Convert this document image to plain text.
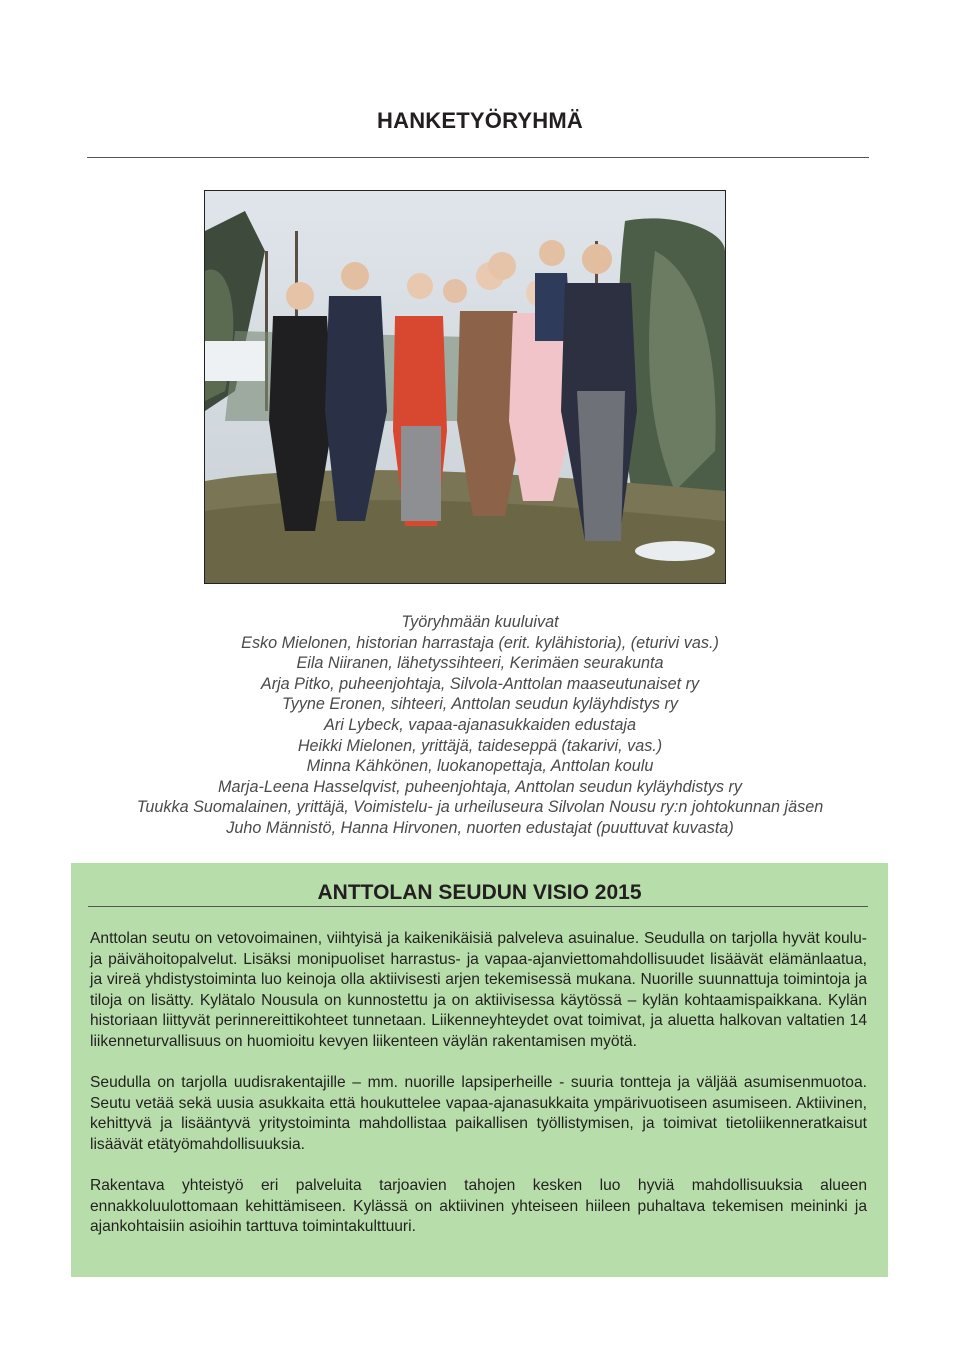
HANKETYÖRYHMÄ
Työryhmään kuuluivat
Esko Mielonen, historian harrastaja (erit. kylähistoria), (eturivi vas.)
Eila Niiranen, lähetyssihteeri, Kerimäen seurakunta
Arja Pitko, puheenjohtaja, Silvola-Anttolan maaseutunaiset ry
Tyyne Eronen, sihteeri, Anttolan seudun kyläyhdistys ry
Ari Lybeck, vapaa-ajanasukkaiden edustaja
Heikki Mielonen, yrittäjä, taideseppä (takarivi, vas.)
Minna Kähkönen, luokanopettaja, Anttolan koulu
Marja-Leena Hasselqvist, puheenjohtaja, Anttolan seudun kyläyhdistys ry
Tuukka Suomalainen, yrittäjä, Voimistelu- ja urheiluseura Silvolan Nousu ry:n johtokunnan jäsen
Juho Männistö, Hanna Hirvonen, nuorten edustajat (puuttuvat kuvasta)
ANTTOLAN SEUDUN VISIO 2015

Anttolan seutu on vetovoimainen, viihtyisä ja kaikenikäisiä palveleva asuinalue. Seudulla on tarjolla hyvät koulu- ja päivähoitopalvelut. Lisäksi monipuoliset harrastus- ja vapaa-ajanviettomahdollisuudet lisäävät elämänlaatua, ja vireä yhdistystoiminta luo keinoja olla aktiivisesti arjen tekemisessä mukana. Nuorille suunnattuja toimintoja ja tiloja on lisätty. Kylätalo Nousula on kunnostettu ja on aktiivisessa käytössä – kylän kohtaamispaikkana. Kylän historiaan liittyvät perinnereittikohteet tunnetaan. Liikenneyhteydet ovat toimivat, ja aluetta halkovan valtatien 14 liikenneturvallisuus on huomioitu kevyen liikenteen väylän rakentamisen myötä.

Seudulla on tarjolla uudisrakentajille – mm. nuorille lapsiperheille - suuria tontteja ja väljää asumisenmuotoa. Seutu vetää sekä uusia asukkaita että houkuttelee vapaa-ajanasukkaita ympärivuotiseen asumiseen. Aktiivinen, kehittyvä ja lisääntyvä yritystoiminta mahdollistaa paikallisen työllistymisen, ja toimivat tietoliikenneratkaisut lisäävät etätyömahdollisuuksia.

Rakentava yhteistyö eri palveluita tarjoavien tahojen kesken luo hyviä mahdollisuuksia alueen ennakkoluulottomaan kehittämiseen. Kylässä on aktiivinen yhteiseen hiileen puhaltava tekemisen meininki ja ajankohtaisiin asioihin tarttuva toimintakulttuuri.
